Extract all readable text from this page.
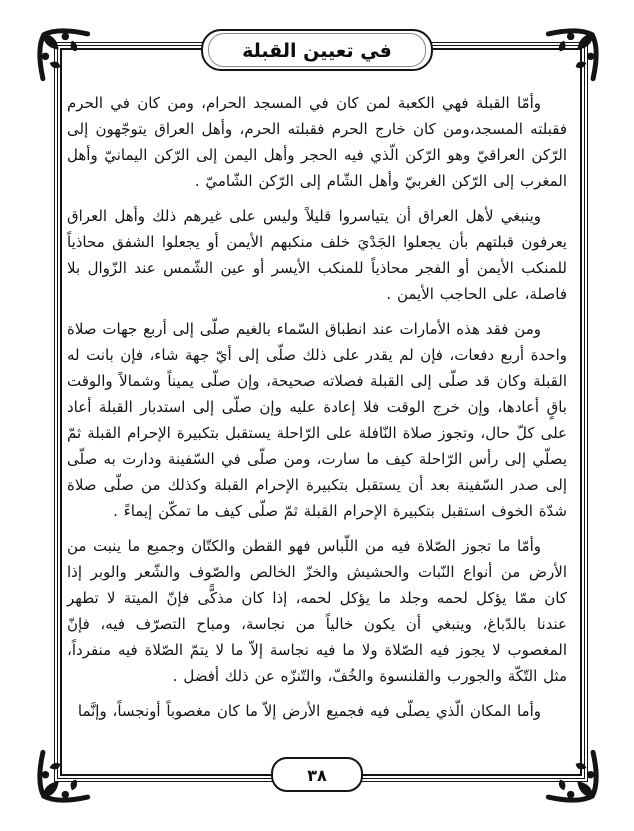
في تعيين القبلة

وأمّا القبلة فهي الكعبة لمن كان في المسجد الحرام، ومن كان في الحرم فقبلته المسجد،ومن كان خارج الحرم فقبلته الحرم، وأهل العراق يتوجّهون إلى الرّكن العراقيّ وهو الرّكن الّذي فيه الحجر وأهل اليمن إلى الرّكن اليمانيّ وأهل المغرب إلى الرّكن الغربيّ وأهل الشّام إلى الرّكن الشّاميّ .

وينبغي لأهل العراق أن يتياسروا قليلاً وليس على غيرهم ذلك وأهل العراق يعرفون قبلتهم بأن يجعلوا الجَدْيَ خلف منكبهم الأيمن أو يجعلوا الشفق محاذياً للمنكب الأيمن أو الفجر محاذياً للمنكب الأيسر أو عين الشّمس عند الزّوال بلا فاصلة، على الحاجب الأيمن .

ومن فقد هذه الأمارات عند انطباق السّماء بالغيم صلّى إلى أربع جهات صلاة واحدة أربع دفعات، فإن لم يقدر على ذلك صلّى إلى أيّ جهة شاء، فإن بانت له القبلة وكان قد صلّى إلى القبلة فصلاته صحيحة، وإن صلّى يميناً وشمالاً والوقت باقٍ أعادها، وإن خرج الوقت فلا إعادة عليه وإن صلّى إلى استدبار القبلة أعاد على كلّ حال، وتجوز صلاة النّافلة على الرّاحلة يستقبل بتكبيرة الإحرام القبلة ثمّ يصلّي إلى رأس الرّاحلة كيف ما سارت، ومن صلّى في السّفينة ودارت به صلّى إلى صدر السّفينة بعد أن يستقبل بتكبيرة الإحرام القبلة وكذلك من صلّى صلاة شدّة الخوف استقبل بتكبيرة الإحرام القبلة ثمّ صلّى كيف ما تمكّن إيماءً .

وأمّا ما تجوز الصّلاة فيه من اللّباس فهو القطن والكتّان وجميع ما ينبت من الأرض من أنواع النّبات والحشيش والخزّ الخالص والصّوف والشّعر والوبر إذا كان ممّا يؤكل لحمه وجلد ما يؤكل لحمه، إذا كان مذكًّى فإنّ الميتة لا تطهر عندنا بالدّباغ، وينبغي أن يكون خالياً من نجاسة، ومباح التصرّف فيه، فإنّ المغصوب لا يجوز فيه الصّلاة ولا ما فيه نجاسة إلاّ ما لا يتمّ الصّلاة فيه منفرداً، مثل التّكّة والجورب والقلنسوة والخُفّ، والتّنزّه عن ذلك أفضل .

وأما المكان الّذي يصلّى فيه فجميع الأرض إلاّ ما كان مغصوباً أونجساً، وإنَّما

٣٨
